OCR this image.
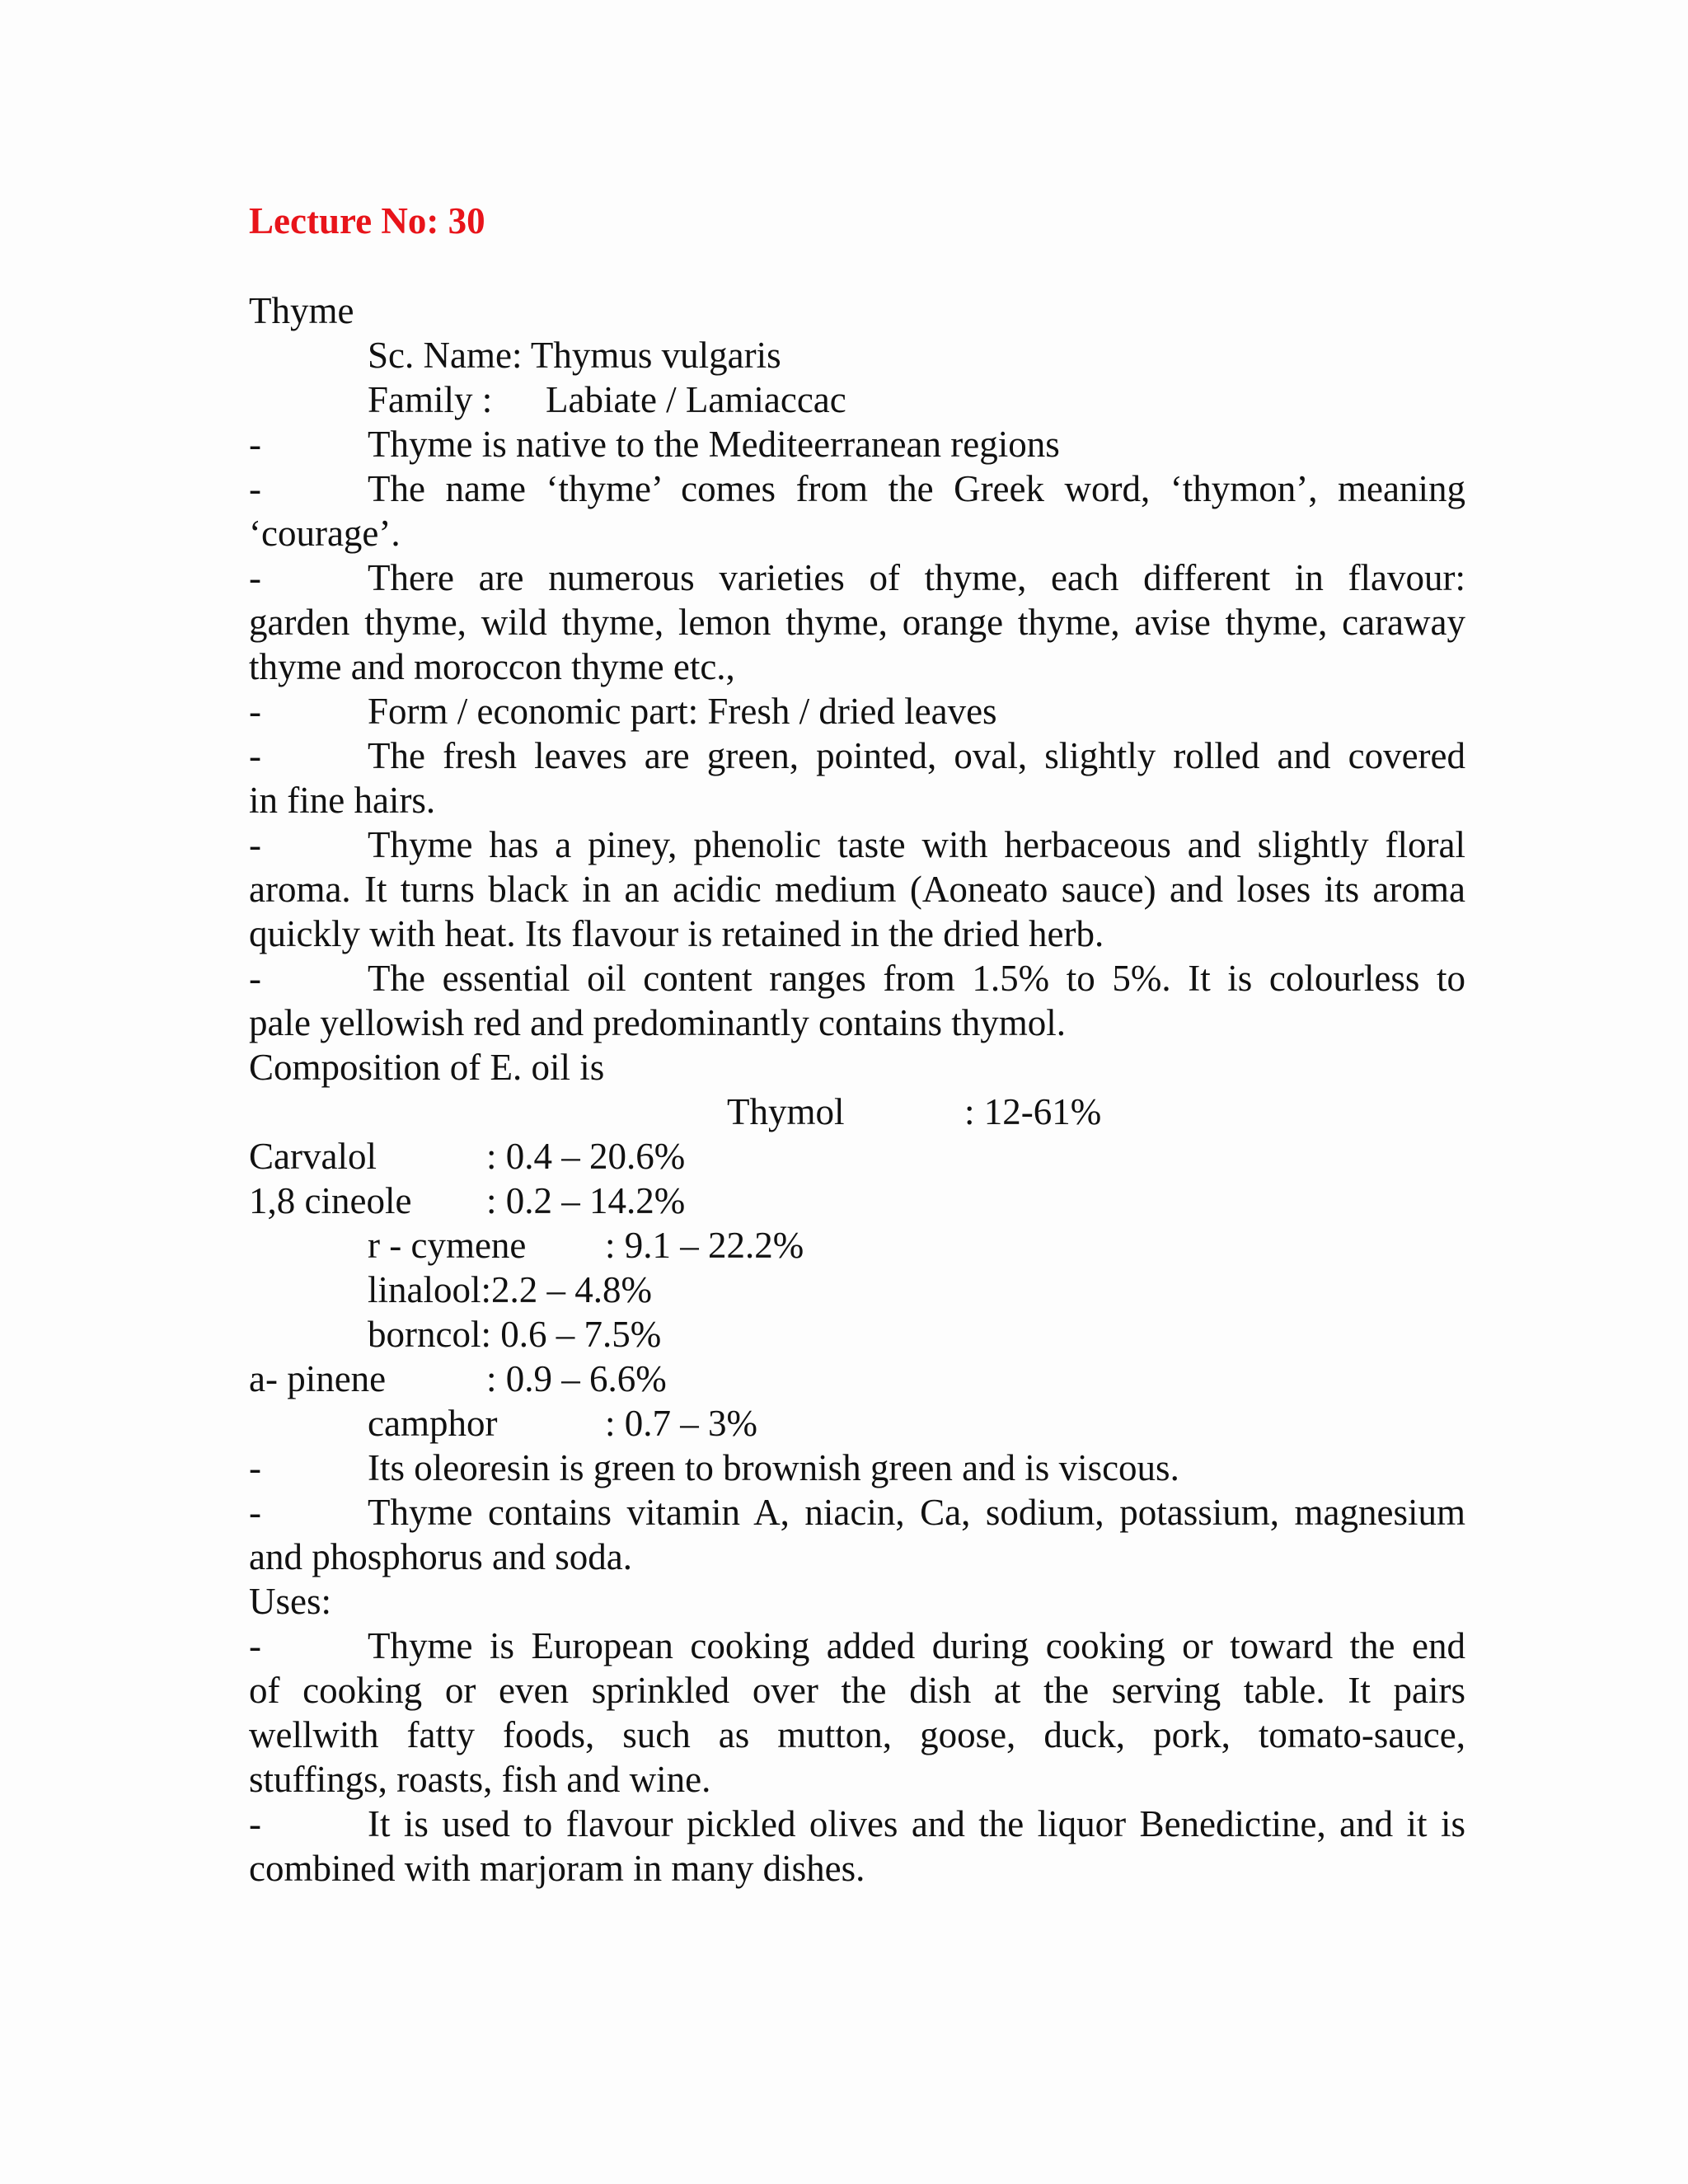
Lecture No: 30
Thyme
Sc. Name: Thymus vulgaris
Family : Labiate / Lamiaccac
-	Thyme is native to the Mediteerranean regions
-	The name ‘thyme’ comes from the Greek word, ‘thymon’, meaning
‘courage’.
-	There are numerous varieties of thyme, each different in flavour:
garden thyme, wild thyme, lemon thyme, orange thyme, avise thyme, caraway
thyme and moroccon thyme etc.,
-	Form / economic part: Fresh / dried leaves
-	The fresh leaves are green, pointed, oval, slightly rolled and covered
in fine hairs.
-	Thyme has a piney, phenolic taste with herbaceous and slightly floral
aroma. It turns black in an acidic medium (Aoneato sauce) and loses its aroma
quickly with heat. Its flavour is retained in the dried herb.
-	The essential oil content ranges from 1.5% to 5%. It is colourless to
pale yellowish red and predominantly contains thymol.
Composition of E. oil is
Thymol	: 12-61%
Carvalol	: 0.4 – 20.6%
1,8 cineole : 0.2 – 14.2%
r - cymene : 9.1 – 22.2%
linalool:2.2 – 4.8%
borncol: 0.6 – 7.5%
a- pinene	: 0.9 – 6.6%
camphor	: 0.7 – 3%
-	Its oleoresin is green to brownish green and is viscous.
-	Thyme contains vitamin A, niacin, Ca, sodium, potassium, magnesium
and phosphorus and soda.
Uses:
-	Thyme is European cooking added during cooking or toward the end
of cooking or even sprinkled over the dish at the serving table. It pairs
wellwith fatty foods, such as mutton, goose, duck, pork, tomato-sauce,
stuffings, roasts, fish and wine.
-	It is used to flavour pickled olives and the liquor Benedictine, and it is
combined with marjoram in many dishes.
